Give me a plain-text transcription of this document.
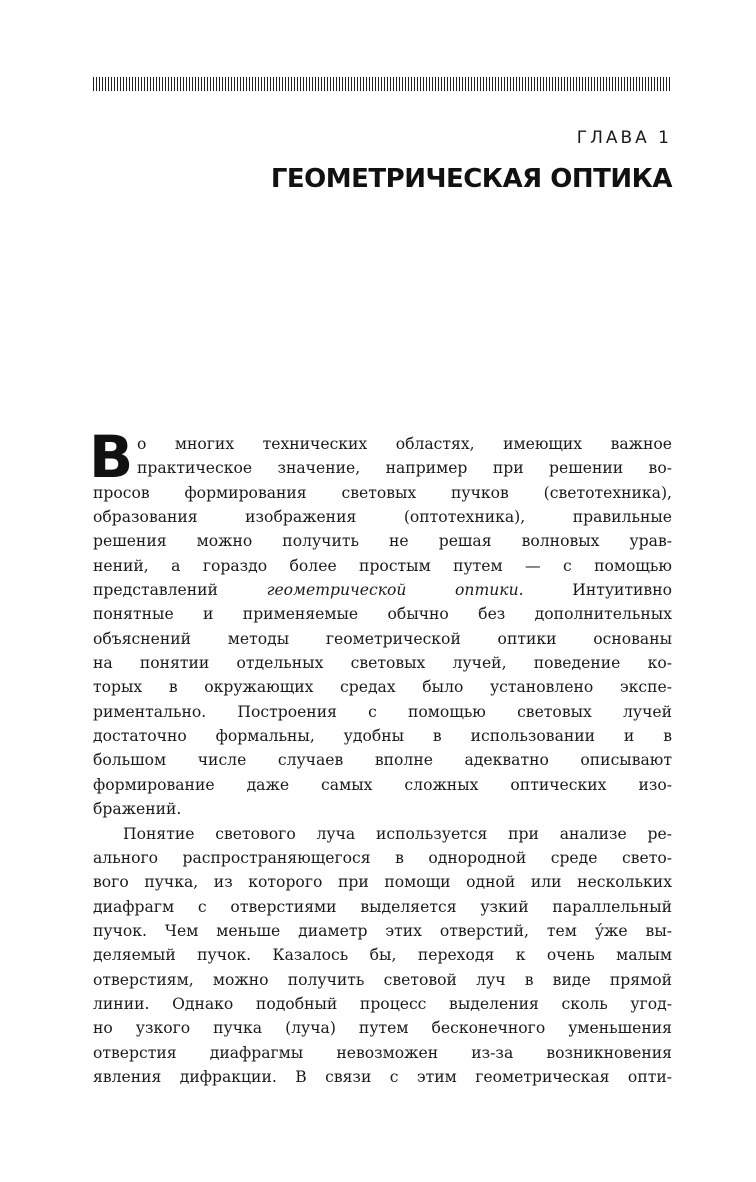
ГЛАВА 1
ГЕОМЕТРИЧЕСКАЯ ОПТИКА
В о многих технических областях, имеющих важное
практическое значение, например при решении во-
просов формирования световых пучков (светотехника),
образования изображения (оптотехника), правильные
решения можно получить не решая волновых урав-
нений, а гораздо более простым путем — с помощью
представлений геометрической оптики. Интуитивно
понятные и применяемые обычно без дополнительных
объяснений методы геометрической оптики основаны
на понятии отдельных световых лучей, поведение ко-
торых в окружающих средах было установлено экспе-
риментально. Построения с помощью световых лучей
достаточно формальны, удобны в использовании и в
большом числе случаев вполне адекватно описывают
формирование даже самых сложных оптических изо-
бражений.
Понятие светового луча используется при анализе ре-
ального распространяющегося в однородной среде свето-
вого пучка, из которого при помощи одной или нескольких
диафрагм с отверстиями выделяется узкий параллельный
пучок. Чем меньше диаметр этих отверстий, тем у́же вы-
деляемый пучок. Казалось бы, переходя к очень малым
отверстиям, можно получить световой луч в виде прямой
линии. Однако подобный процесс выделения сколь угод-
но узкого пучка (луча) путем бесконечного уменьшения
отверстия диафрагмы невозможен из-за возникновения
явления дифракции. В связи с этим геометрическая опти-
